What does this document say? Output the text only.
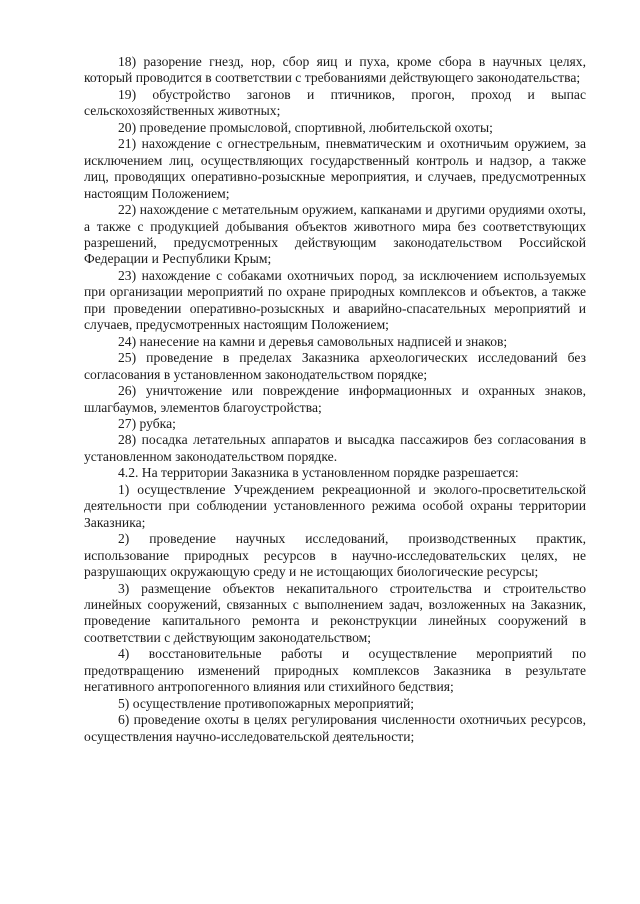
18) разорение гнезд, нор, сбор яиц и пуха, кроме сбора в научных целях, который проводится в соответствии с требованиями действующего законодательства;

19) обустройство загонов и птичников, прогон, проход и выпас сельскохозяйственных животных;

20) проведение промысловой, спортивной, любительской охоты;

21) нахождение с огнестрельным, пневматическим и охотничьим оружием, за исключением лиц, осуществляющих государственный контроль и надзор, а также лиц, проводящих оперативно-розыскные мероприятия, и случаев, предусмотренных настоящим Положением;

22) нахождение с метательным оружием, капканами и другими орудиями охоты, а также с продукцией добывания объектов животного мира без соответствующих разрешений, предусмотренных действующим законодательством Российской Федерации и Республики Крым;

23) нахождение с собаками охотничьих пород, за исключением используемых при организации мероприятий по охране природных комплексов и объектов, а также при проведении оперативно-розыскных и аварийно-спасательных мероприятий и случаев, предусмотренных настоящим Положением;

24) нанесение на камни и деревья самовольных надписей и знаков;

25) проведение в пределах Заказника археологических исследований без согласования в установленном законодательством порядке;

26) уничтожение или повреждение информационных и охранных знаков, шлагбаумов, элементов благоустройства;

27) рубка;

28) посадка летательных аппаратов и высадка пассажиров без согласования в установленном законодательством порядке.

4.2. На территории Заказника в установленном порядке разрешается:

1) осуществление Учреждением рекреационной и эколого-просветительской деятельности при соблюдении установленного режима особой охраны территории Заказника;

2) проведение научных исследований, производственных практик, использование природных ресурсов в научно-исследовательских целях, не разрушающих окружающую среду и не истощающих биологические ресурсы;

3) размещение объектов некапитального строительства и строительство линейных сооружений, связанных с выполнением задач, возложенных на Заказник, проведение капитального ремонта и реконструкции линейных сооружений в соответствии с действующим законодательством;

4) восстановительные работы и осуществление мероприятий по предотвращению изменений природных комплексов Заказника в результате негативного антропогенного влияния или стихийного бедствия;

5) осуществление противопожарных мероприятий;

6) проведение охоты в целях регулирования численности охотничьих ресурсов, осуществления научно-исследовательской деятельности;
